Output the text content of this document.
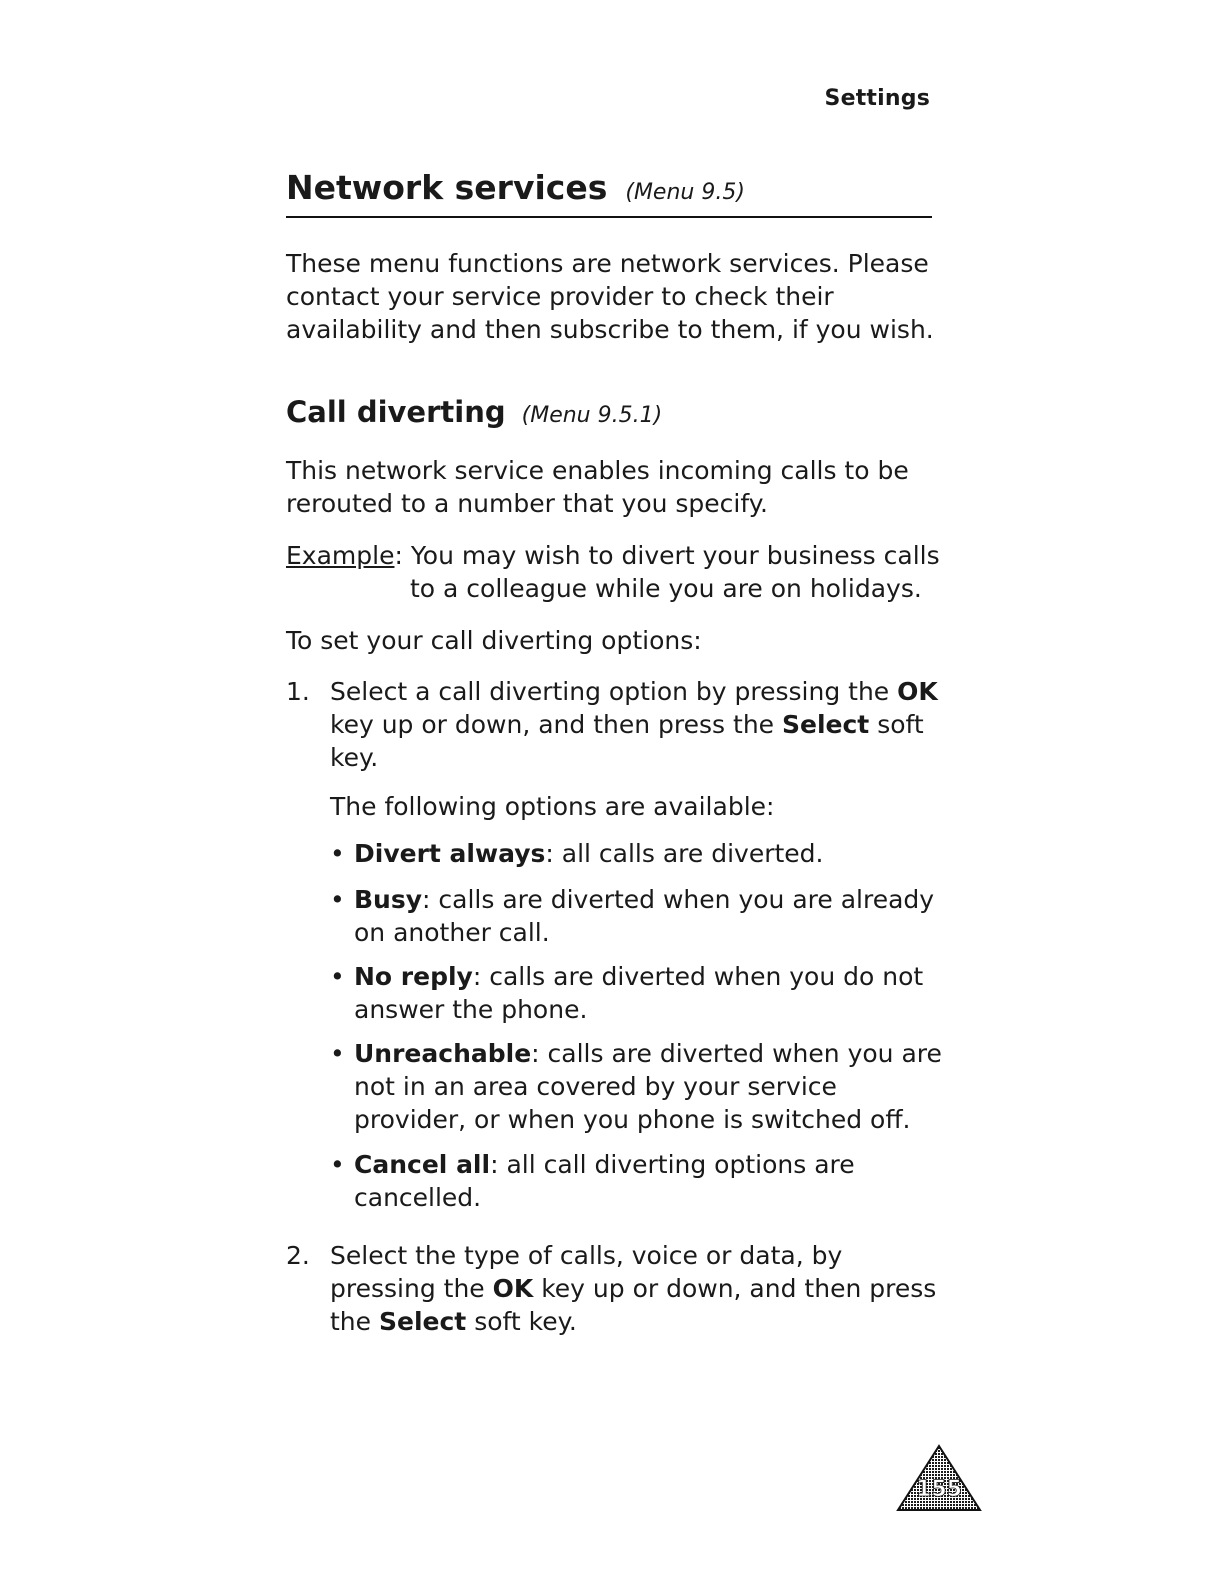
Settings
Network services (Menu 9.5)
These menu functions are network services. Please contact your service provider to check their availability and then subscribe to them, if you wish.
Call diverting (Menu 9.5.1)
This network service enables incoming calls to be rerouted to a number that you specify.
Example: You may wish to divert your business calls
to a colleague while you are on holidays.
To set your call diverting options:
1. Select a call diverting option by pressing the OK key up or down, and then press the Select soft key.
The following options are available:
• Divert always: all calls are diverted.
• Busy: calls are diverted when you are already on another call.
• No reply: calls are diverted when you do not answer the phone.
• Unreachable: calls are diverted when you are not in an area covered by your service provider, or when you phone is switched off.
• Cancel all: all call diverting options are cancelled.
2. Select the type of calls, voice or data, by pressing the OK key up or down, and then press the Select soft key.
155
